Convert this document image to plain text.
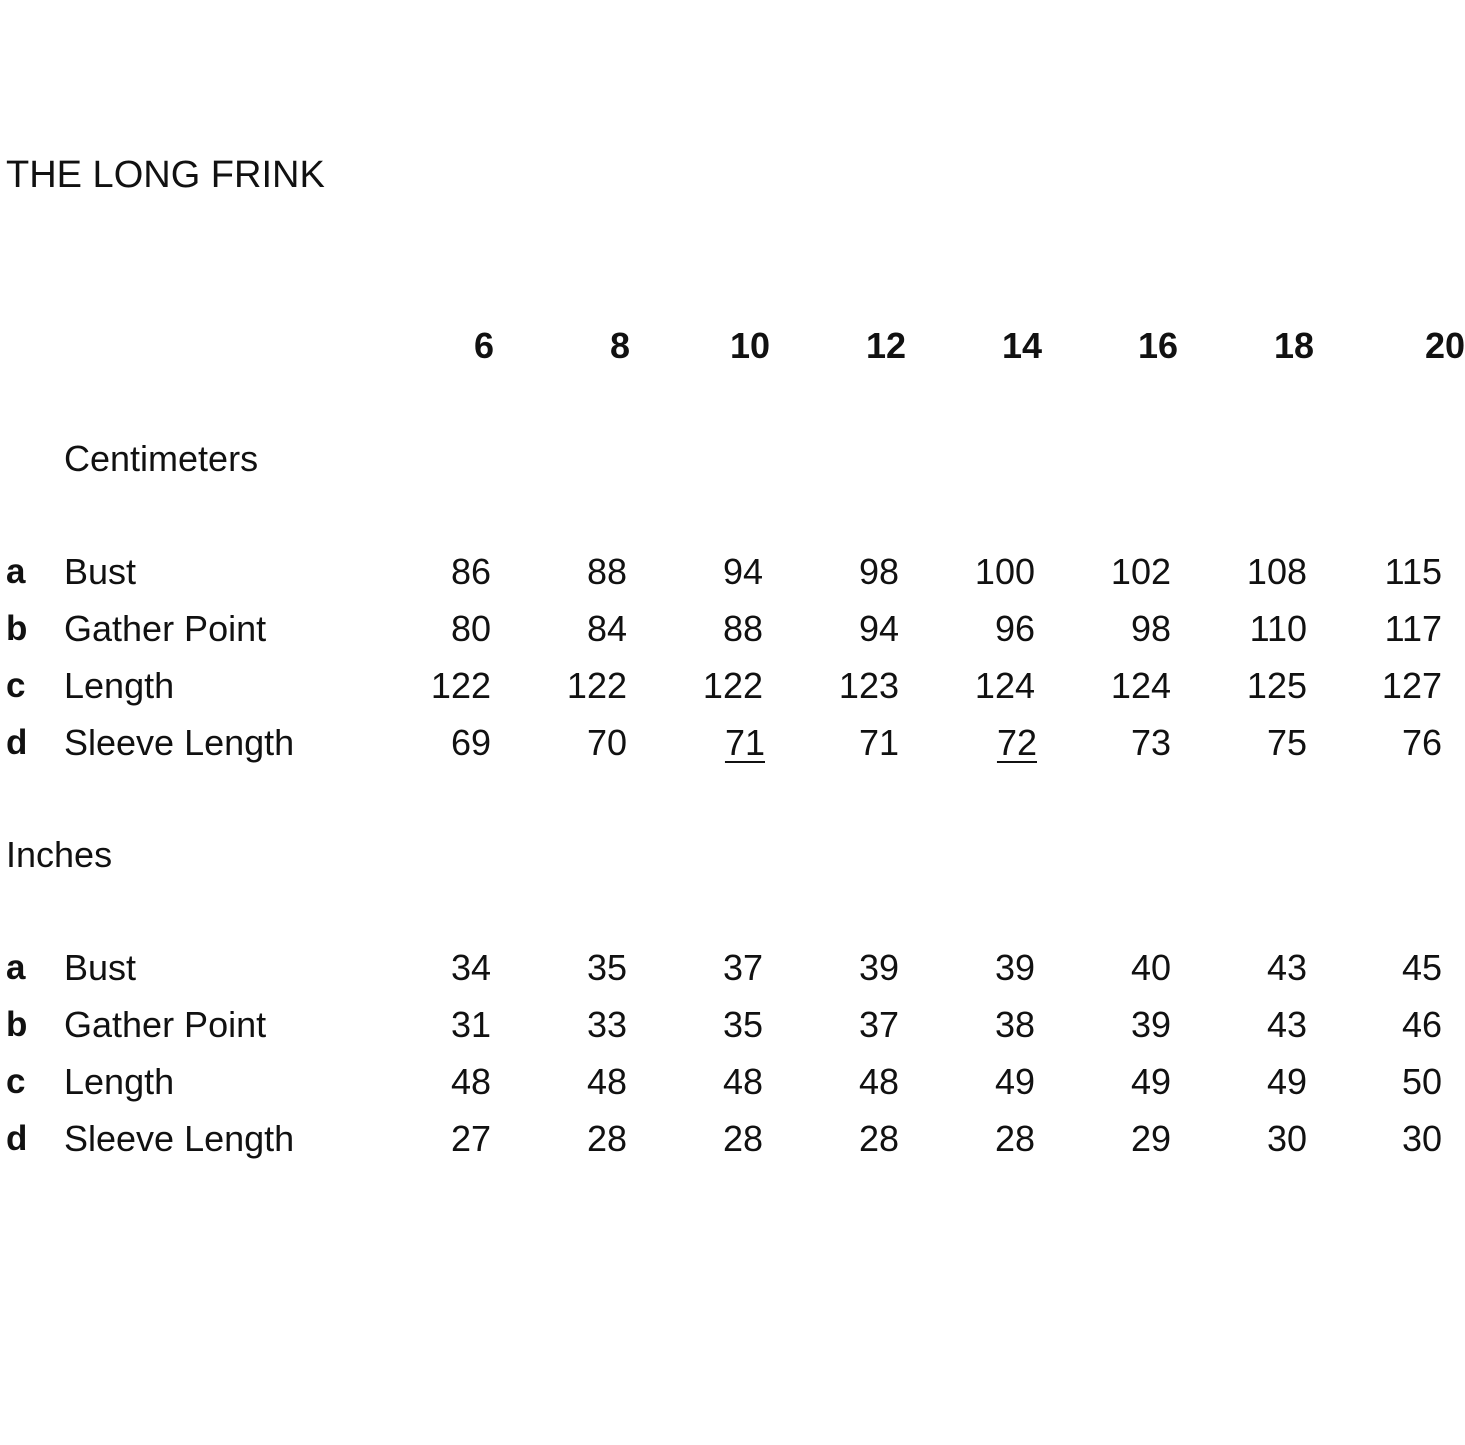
THE LONG FRINK
6	8	10	12	14	16	18	20
Centimeters
a Bust	86	88	94	98	100	102	108	115
b Gather Point	80	84	88	94	96	98	110	117
c Length	122	122	122	123	124	124	125	127
d Sleeve Length	69	70	71	71	72	73	75	76
Inches
a Bust	34	35	37	39	39	40	43	45
b Gather Point	31	33	35	37	38	39	43	46
c Length	48	48	48	48	49	49	49	50
d Sleeve Length	27	28	28	28	28	29	30	30
